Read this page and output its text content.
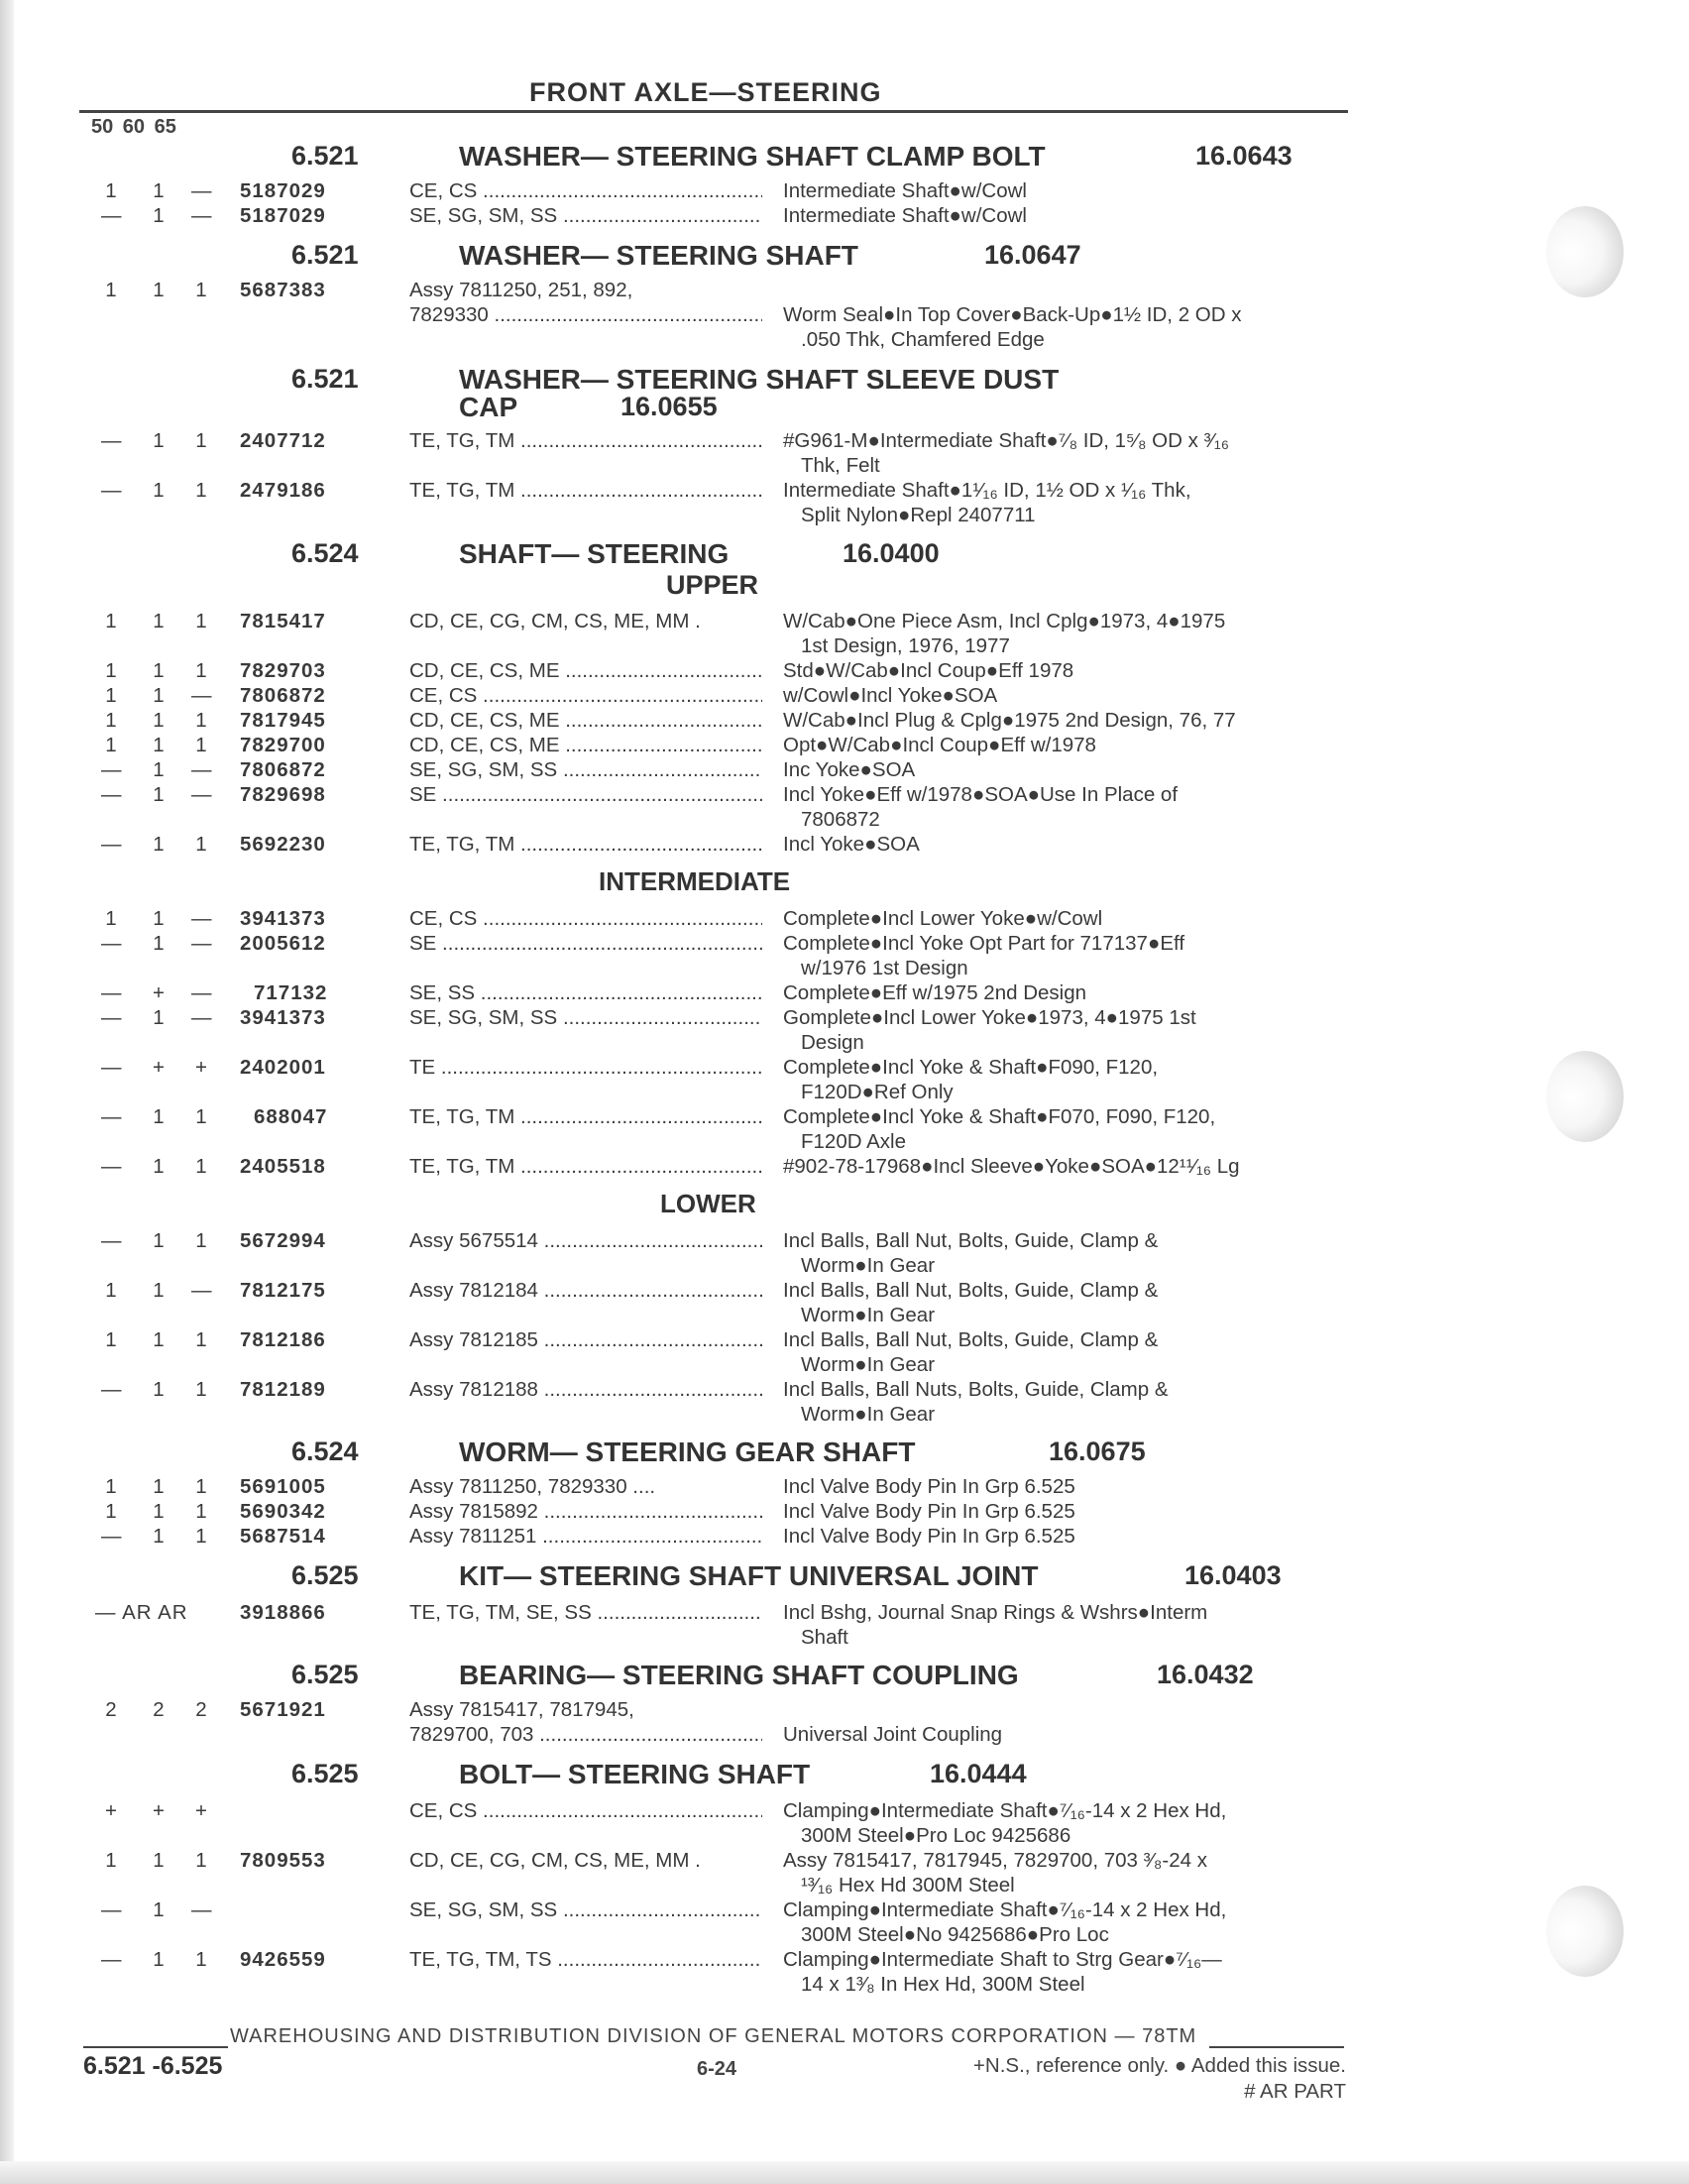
FRONT AXLE—STEERING
50 60 65
6.521	WASHER— STEERING SHAFT CLAMP BOLT	16.0643
1 1 — 5187029	CE, CS .....	Intermediate Shaft●w/Cowl
— 1 — 5187029	SE, SG, SM, SS .....	Intermediate Shaft●w/Cowl
6.521	WASHER— STEERING SHAFT	16.0647
1 1 1 5687383	Assy 7811250, 251, 892,
7829330 .....	Worm Seal●In Top Cover●Back-Up●1½ ID, 2 OD x
.050 Thk, Chamfered Edge
6.521	WASHER— STEERING SHAFT SLEEVE DUST
CAP	16.0655
— 1 1 2407712	TE, TG, TM .....	#G961-M●Intermediate Shaft●⁷⁄₈ ID, 1⁵⁄₈ OD x ³⁄₁₆
Thk, Felt
— 1 1 2479186	TE, TG, TM .....	Intermediate Shaft●1¹⁄₁₆ ID, 1½ OD x ¹⁄₁₆ Thk,
Split Nylon●Repl 2407711
6.524	SHAFT— STEERING	16.0400
UPPER
1 1 1 7815417	CD, CE, CG, CM, CS, ME, MM .	W/Cab●One Piece Asm, Incl Cplg●1973, 4●1975
1st Design, 1976, 1977
1 1 1 7829703	CD, CE, CS, ME .....	Std●W/Cab●Incl Coup●Eff 1978
1 1 — 7806872	CE, CS .....	w/Cowl●Incl Yoke●SOA
1 1 1 7817945	CD, CE, CS, ME .....	W/Cab●Incl Plug & Cplg●1975 2nd Design, 76, 77
1 1 1 7829700	CD, CE, CS, ME .....	Opt●W/Cab●Incl Coup●Eff w/1978
— 1 — 7806872	SE, SG, SM, SS .....	Inc Yoke●SOA
— 1 — 7829698	SE .....	Incl Yoke●Eff w/1978●SOA●Use In Place of
7806872
— 1 1 5692230	TE, TG, TM .....	Incl Yoke●SOA
INTERMEDIATE
1 1 — 3941373	CE, CS .....	Complete●Incl Lower Yoke●w/Cowl
— 1 — 2005612	SE .....	Complete●Incl Yoke Opt Part for 717137●Eff
w/1976 1st Design
— + — 717132	SE, SS .....	Complete●Eff w/1975 2nd Design
— 1 — 3941373	SE, SG, SM, SS .....	Gomplete●Incl Lower Yoke●1973, 4●1975 1st
Design
— + + 2402001	TE .....	Complete●Incl Yoke & Shaft●F090, F120,
F120D●Ref Only
— 1 1 688047	TE, TG, TM .....	Complete●Incl Yoke & Shaft●F070, F090, F120,
F120D Axle
— 1 1 2405518	TE, TG, TM .....	#902-78-17968●Incl Sleeve●Yoke●SOA●12¹¹⁄₁₆ Lg
LOWER
— 1 1 5672994	Assy 5675514 .....	Incl Balls, Ball Nut, Bolts, Guide, Clamp &
Worm●In Gear
1 1 — 7812175	Assy 7812184 .....	Incl Balls, Ball Nut, Bolts, Guide, Clamp &
Worm●In Gear
1 1 1 7812186	Assy 7812185 .....	Incl Balls, Ball Nut, Bolts, Guide, Clamp &
Worm●In Gear
— 1 1 7812189	Assy 7812188 .....	Incl Balls, Ball Nuts, Bolts, Guide, Clamp &
Worm●In Gear
6.524	WORM— STEERING GEAR SHAFT	16.0675
1 1 1 5691005	Assy 7811250, 7829330 ....	Incl Valve Body Pin In Grp 6.525
1 1 1 5690342	Assy 7815892 .....	Incl Valve Body Pin In Grp 6.525
— 1 1 5687514	Assy 7811251 .....	Incl Valve Body Pin In Grp 6.525
6.525	KIT— STEERING SHAFT UNIVERSAL JOINT	16.0403
— AR AR	3918866	TE, TG, TM, SE, SS .....	Incl Bshg, Journal Snap Rings & Wshrs●Interm
Shaft
6.525	BEARING— STEERING SHAFT COUPLING	16.0432
2 2 2 5671921	Assy 7815417, 7817945,
7829700, 703 .....	Universal Joint Coupling
6.525	BOLT— STEERING SHAFT	16.0444
+ + +	CE, CS .....	Clamping●Intermediate Shaft●⁷⁄₁₆-14 x 2 Hex Hd,
300M Steel●Pro Loc 9425686
1 1 1 7809553	CD, CE, CG, CM, CS, ME, MM .	Assy 7815417, 7817945, 7829700, 703 ³⁄₈-24 x
¹³⁄₁₆ Hex Hd 300M Steel
— 1 —	SE, SG, SM, SS .....	Clamping●Intermediate Shaft●⁷⁄₁₆-14 x 2 Hex Hd,
300M Steel●No 9425686●Pro Loc
— 1 1 9426559	TE, TG, TM, TS .....	Clamping●Intermediate Shaft to Strg Gear●⁷⁄₁₆—
14 x 1³⁄₈ In Hex Hd, 300M Steel
WAREHOUSING AND DISTRIBUTION DIVISION OF GENERAL MOTORS CORPORATION — 78TM
6.521 -6.525	6-24	+N.S., reference only. ● Added this issue.
# AR PART
